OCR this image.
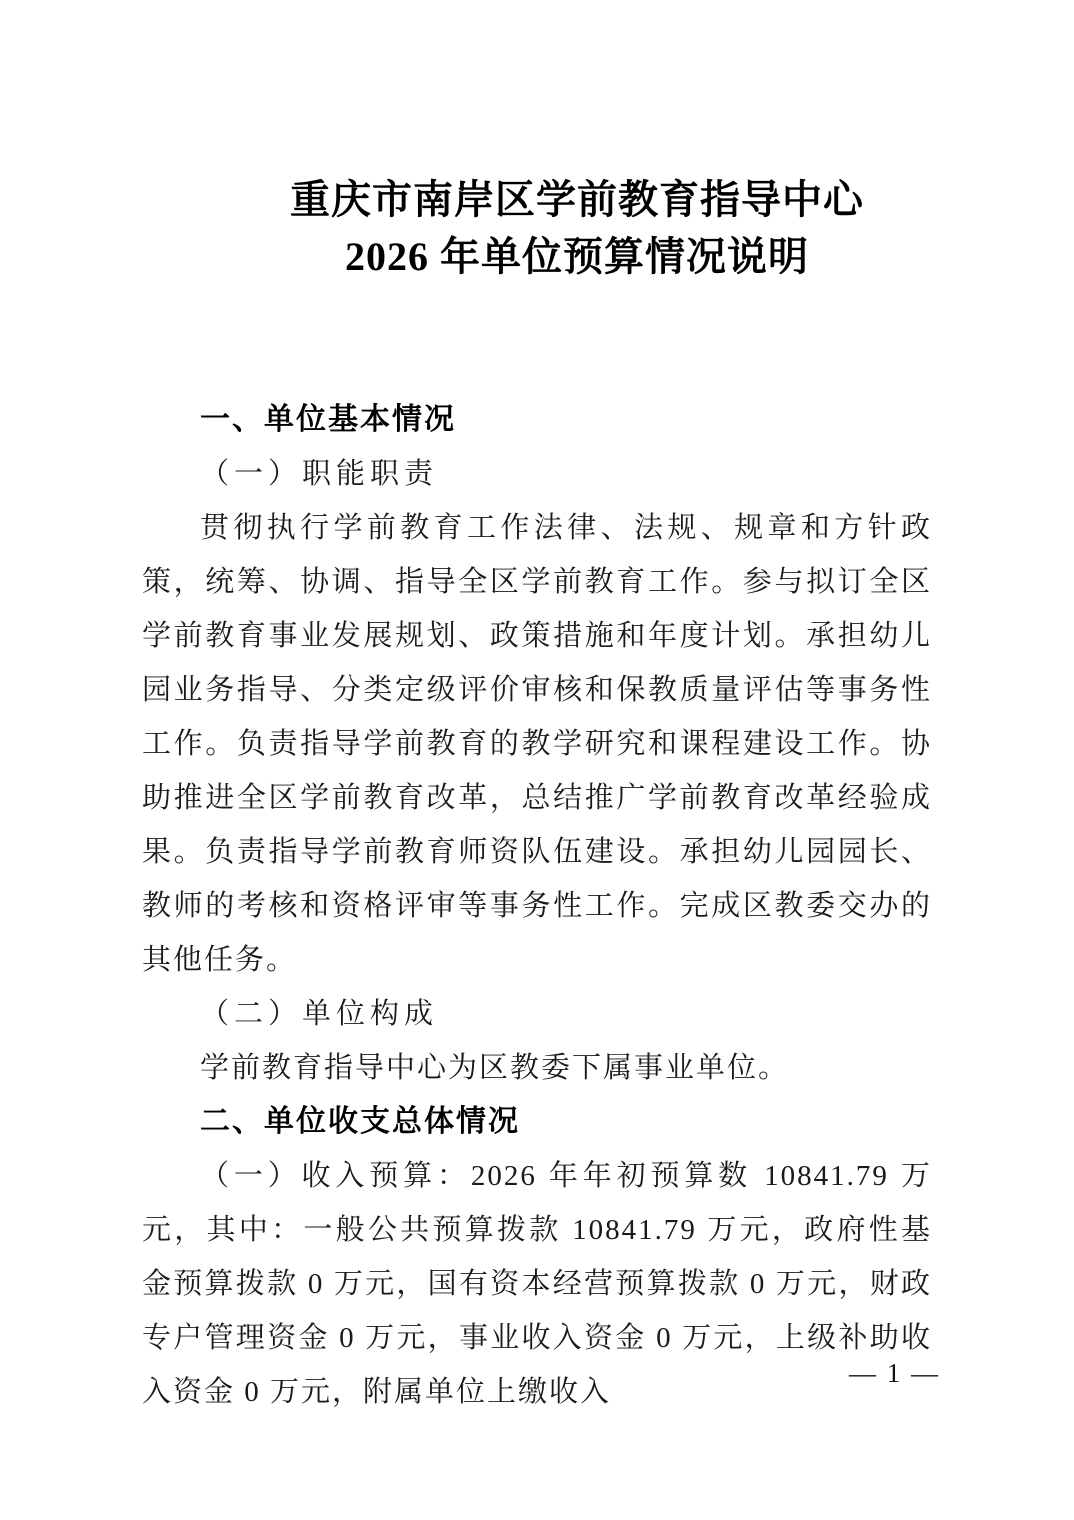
重庆市南岸区学前教育指导中心
2026 年单位预算情况说明
一、单位基本情况
（一）职能职责

贯彻执行学前教育工作法律、法规、规章和方针政策，统筹、协调、指导全区学前教育工作。参与拟订全区学前教育事业发展规划、政策措施和年度计划。承担幼儿园业务指导、分类定级评价审核和保教质量评估等事务性工作。负责指导学前教育的教学研究和课程建设工作。协助推进全区学前教育改革，总结推广学前教育改革经验成果。负责指导学前教育师资队伍建设。承担幼儿园园长、教师的考核和资格评审等事务性工作。完成区教委交办的其他任务。

（二）单位构成

学前教育指导中心为区教委下属事业单位。

二、单位收支总体情况

（一）收入预算：2026 年年初预算数 10841.79 万元，其中：一般公共预算拨款 10841.79 万元，政府性基金预算拨款 0 万元，国有资本经营预算拨款 0 万元，财政专户管理资金 0 万元，事业收入资金 0 万元，上级补助收入资金 0 万元，附属单位上缴收入

— 1 —
